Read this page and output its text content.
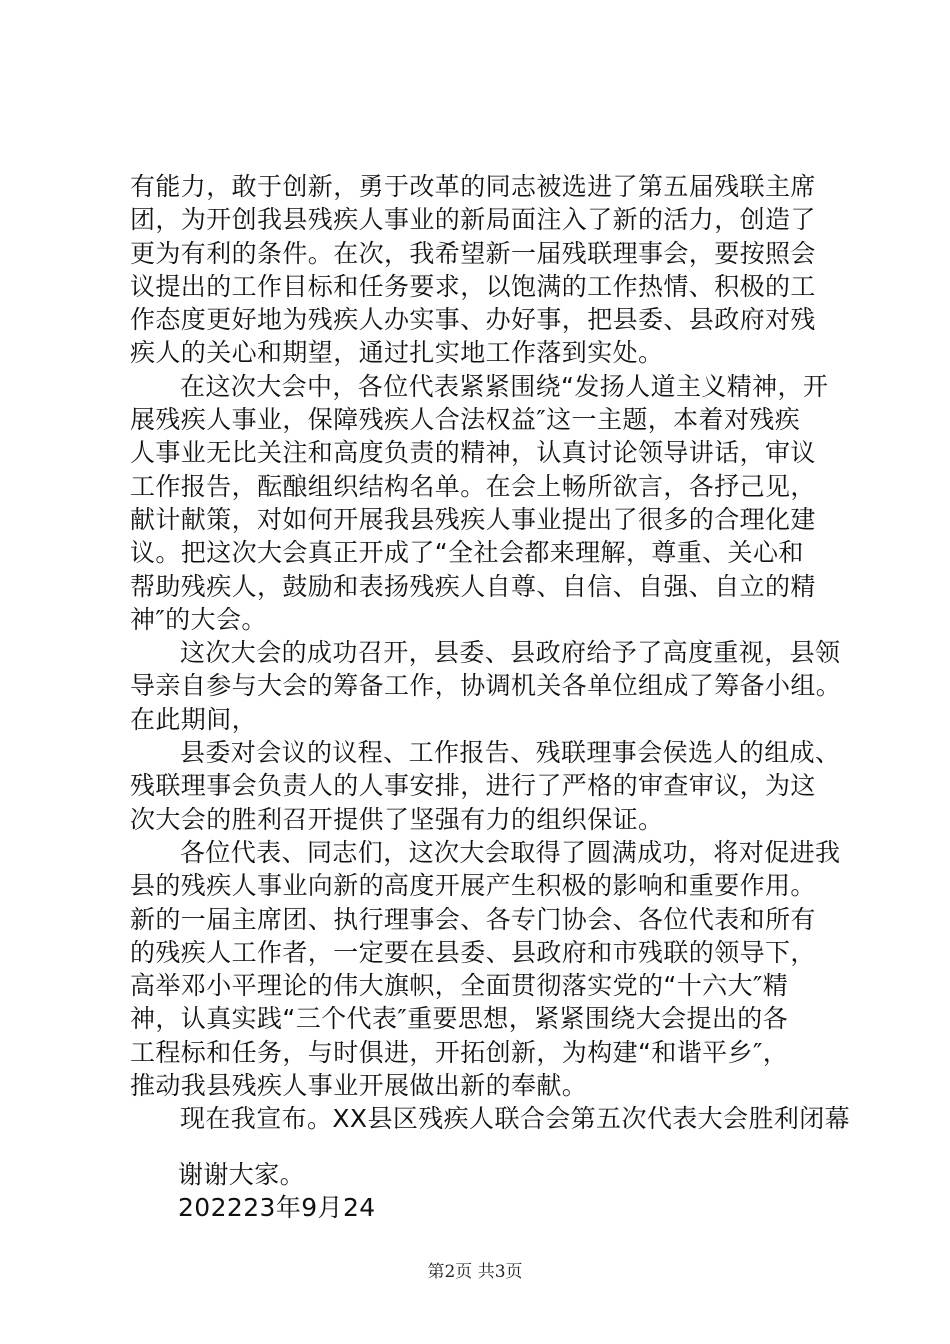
有能力，敢于创新，勇于改革的同志被选进了第五届残联主席
团，为开创我县残疾人事业的新局面注入了新的活力，创造了
更为有利的条件。在次，我希望新一届残联理事会，要按照会
议提出的工作目标和任务要求，以饱满的工作热情、积极的工
作态度更好地为残疾人办实事、办好事，把县委、县政府对残
疾人的关心和期望，通过扎实地工作落到实处。
在这次大会中，各位代表紧紧围绕“发扬人道主义精神，开
展残疾人事业，保障残疾人合法权益″这一主题，本着对残疾
人事业无比关注和高度负责的精神，认真讨论领导讲话，审议
工作报告，酝酿组织结构名单。在会上畅所欲言，各抒己见，
献计献策，对如何开展我县残疾人事业提出了很多的合理化建
议。把这次大会真正开成了“全社会都来理解，尊重、关心和
帮助残疾人，鼓励和表扬残疾人自尊、自信、自强、自立的精
神″的大会。
这次大会的成功召开，县委、县政府给予了高度重视，县领
导亲自参与大会的筹备工作，协调机关各单位组成了筹备小组。
在此期间，
县委对会议的议程、工作报告、残联理事会侯选人的组成、
残联理事会负责人的人事安排，进行了严格的审查审议，为这
次大会的胜利召开提供了坚强有力的组织保证。
各位代表、同志们，这次大会取得了圆满成功，将对促进我
县的残疾人事业向新的高度开展产生积极的影响和重要作用。
新的一届主席团、执行理事会、各专门协会、各位代表和所有
的残疾人工作者，一定要在县委、县政府和市残联的领导下，
高举邓小平理论的伟大旗帜，全面贯彻落实党的“十六大″精
神，认真实践“三个代表″重要思想，紧紧围绕大会提出的各
工程标和任务，与时俱进，开拓创新，为构建“和谐平乡″，
推动我县残疾人事业开展做出新的奉献。
现在我宣布。XX县区残疾人联合会第五次代表大会胜利闭幕
谢谢大家。
202223年9月24
第2页 共3页
